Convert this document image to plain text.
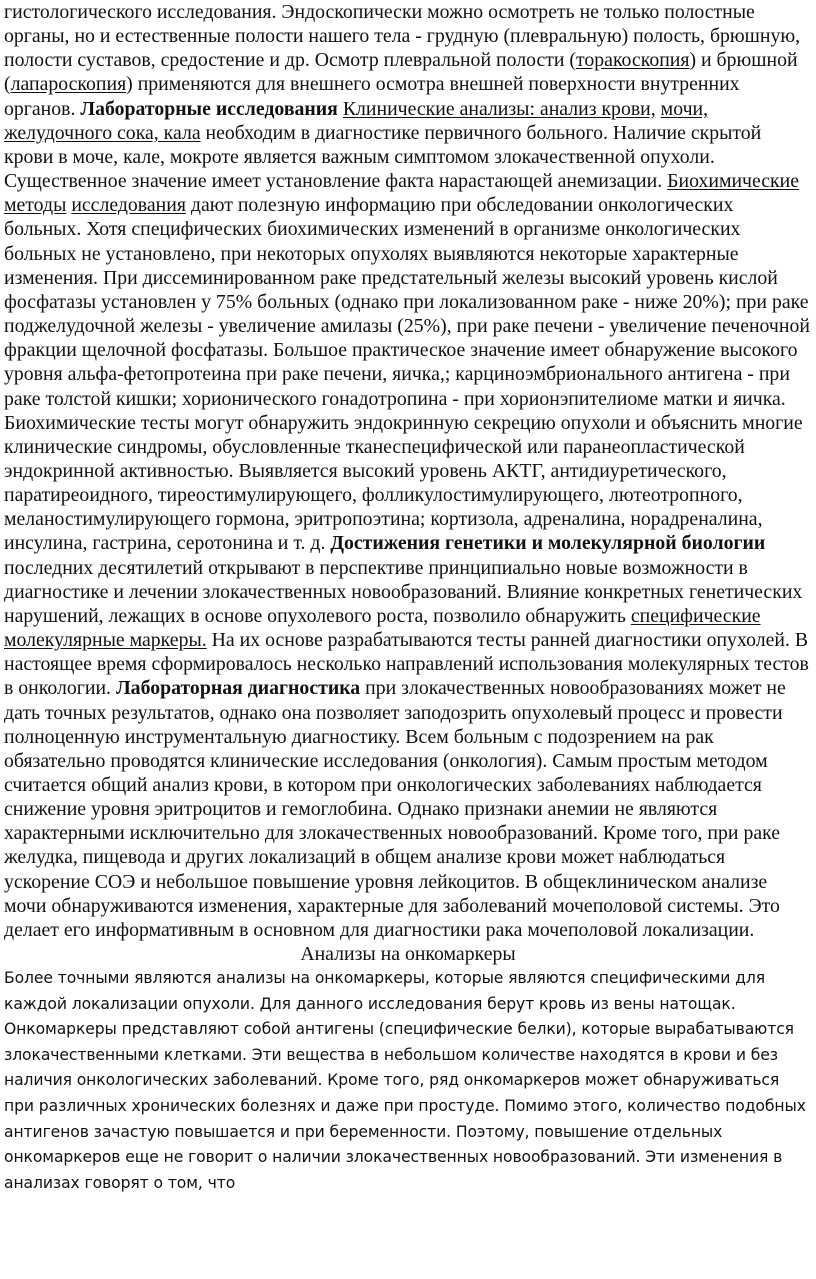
гистологического исследования. Эндоскопически можно осмотреть не только полостные органы, но и естественные полости нашего тела - грудную (плевральную) полость, брюшную, полости суставов, средостение и др. Осмотр плевральной полости (торакоскопия) и брюшной (лапароскопия) применяются для внешнего осмотра внешней поверхности внутренних органов. Лабораторные исследования Клинические анализы: анализ крови, мочи, желудочного сока, кала необходим в диагностике первичного больного. Наличие скрытой крови в моче, кале, мокроте является важным симптомом злокачественной опухоли. Существенное значение имеет установление факта нарастающей анемизации. Биохимические методы исследования дают полезную информацию при обследовании онкологических больных. Хотя специфических биохимических изменений в организме онкологических больных не установлено, при некоторых опухолях выявляются некоторые характерные изменения. При диссеминированном раке предстательный железы высокий уровень кислой фосфатазы установлен у 75% больных (однако при локализованном раке - ниже 20%); при раке поджелудочной железы - увеличение амилазы (25%), при раке печени - увеличение печеночной фракции щелочной фосфатазы. Большое практическое значение имеет обнаружение высокого уровня альфа-фетопротеина при раке печени, яичка,; карциноэмбрионального антигена - при раке толстой кишки; хорионического гонадотропина - при хорионэпителиоме матки и яичка. Биохимические тесты могут обнаружить эндокринную секрецию опухоли и объяснить многие клинические синдромы, обусловленные тканеспецифической или паранеопластической эндокринной активностью. Выявляется высокий уровень АКТГ, антидиуретического, паратиреоидного, тиреостимулирующего, фолликулостимулирующего, лютеотропного, меланостимулирующего гормона, эритропоэтина; кортизола, адреналина, норадреналина, инсулина, гастрина, серотонина и т. д. Достижения генетики и молекулярной биологии последних десятилетий открывают в перспективе принципиально новые возможности в диагностике и лечении злокачественных новообразований. Влияние конкретных генетических нарушений, лежащих в основе опухолевого роста, позволило обнаружить специфические молекулярные маркеры. На их основе разрабатываются тесты ранней диагностики опухолей. В настоящее время сформировалось несколько направлений использования молекулярных тестов в онкологии. Лабораторная диагностика при злокачественных новообразованиях может не дать точных результатов, однако она позволяет заподозрить опухолевый процесс и провести полноценную инструментальную диагностику. Всем больным с подозрением на рак обязательно проводятся клинические исследования (онкология). Самым простым методом считается общий анализ крови, в котором при онкологических заболеваниях наблюдается снижение уровня эритроцитов и гемоглобина. Однако признаки анемии не являются характерными исключительно для злокачественных новообразований. Кроме того, при раке желудка, пищевода и других локализаций в общем анализе крови может наблюдаться ускорение СОЭ и небольшое повышение уровня лейкоцитов. В общеклиническом анализе мочи обнаруживаются изменения, характерные для заболеваний мочеполовой системы. Это делает его информативным в основном для диагностики рака мочеполовой локализации.

Анализы на онкомаркеры

Более точными являются анализы на онкомаркеры, которые являются специфическими для каждой локализации опухоли. Для данного исследования берут кровь из вены натощак. Онкомаркеры представляют собой антигены (специфические белки), которые вырабатываются злокачественными клетками. Эти вещества в небольшом количестве находятся в крови и без наличия онкологических заболеваний. Кроме того, ряд онкомаркеров может обнаруживаться при различных хронических болезнях и даже при простуде. Помимо этого, количество подобных антигенов зачастую повышается и при беременности. Поэтому, повышение отдельных онкомаркеров еще не говорит о наличии злокачественных новообразований. Эти изменения в анализах говорят о том, что
